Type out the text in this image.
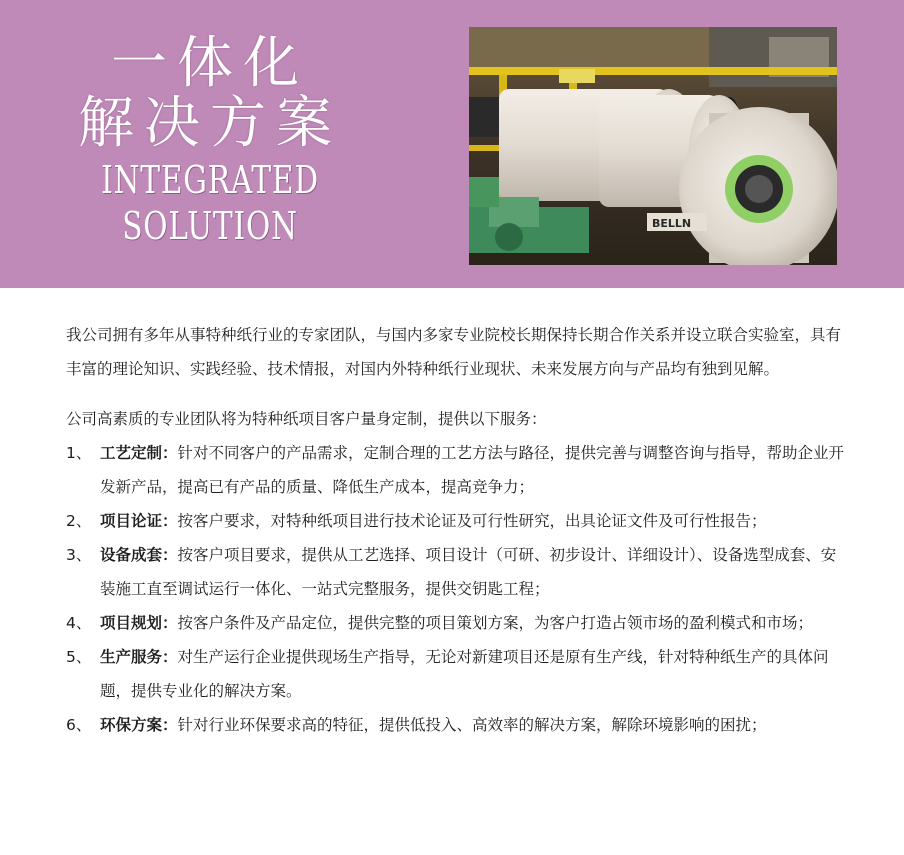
一体化
解决方案
INTEGRATED
SOLUTION	BELLN

我公司拥有多年从事特种纸行业的专家团队，与国内多家专业院校长期保持长期合作关系并设立联合实验室，具有丰富的理论知识、实践经验、技术情报，对国内外特种纸行业现状、未来发展方向与产品均有独到见解。

公司高素质的专业团队将为特种纸项目客户量身定制，提供以下服务：

1、 工艺定制：针对不同客户的产品需求，定制合理的工艺方法与路径，提供完善与调整咨询与指导，帮助企业开发新产品，提高已有产品的质量、降低生产成本，提高竞争力；
2、 项目论证：按客户要求，对特种纸项目进行技术论证及可行性研究，出具论证文件及可行性报告；
3、 设备成套：按客户项目要求，提供从工艺选择、项目设计（可研、初步设计、详细设计）、设备选型成套、安装施工直至调试运行一体化、一站式完整服务，提供交钥匙工程；
4、 项目规划：按客户条件及产品定位，提供完整的项目策划方案，为客户打造占领市场的盈利模式和市场；
5、 生产服务：对生产运行企业提供现场生产指导，无论对新建项目还是原有生产线，针对特种纸生产的具体问题，提供专业化的解决方案。
6、 环保方案：针对行业环保要求高的特征，提供低投入、高效率的解决方案，解除环境影响的困扰；
